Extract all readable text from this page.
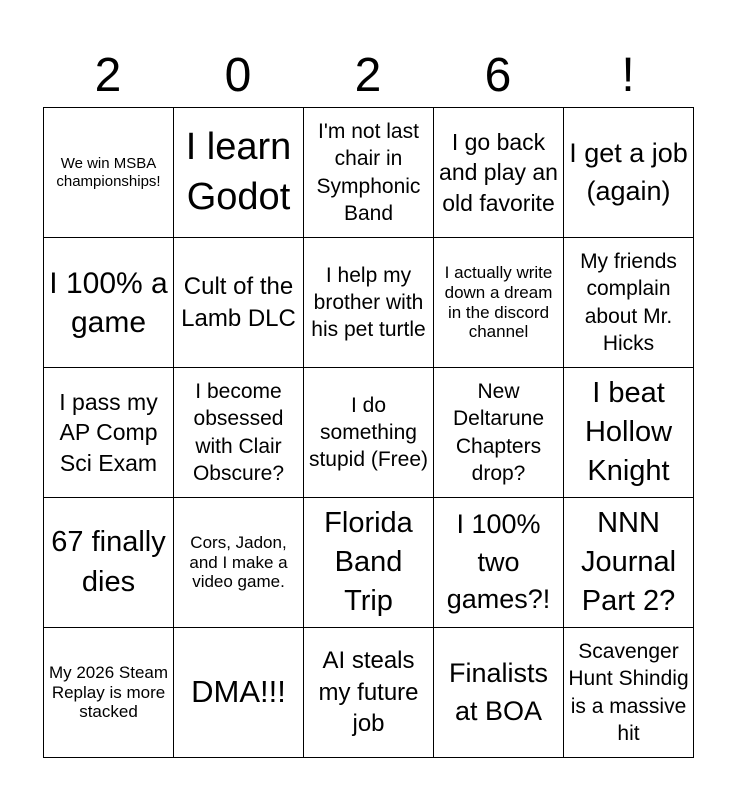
2	0	2	6	!
We win MSBA championships!	I learn Godot	I'm not last chair in Symphonic Band	I go back and play an old favorite	I get a job (again)
I 100% a game	Cult of the Lamb DLC	I help my brother with his pet turtle	I actually write down a dream in the discord channel	My friends complain about Mr. Hicks
I pass my AP Comp Sci Exam	I become obsessed with Clair Obscure?	I do something stupid (Free)	New Deltarune Chapters drop?	I beat Hollow Knight
67 finally dies	Cors, Jadon, and I make a video game.	Florida Band Trip	I 100% two games?!	NNN Journal Part 2?
My 2026 Steam Replay is more stacked	DMA!!!	AI steals my future job	Finalists at BOA	Scavenger Hunt Shindig is a massive hit
